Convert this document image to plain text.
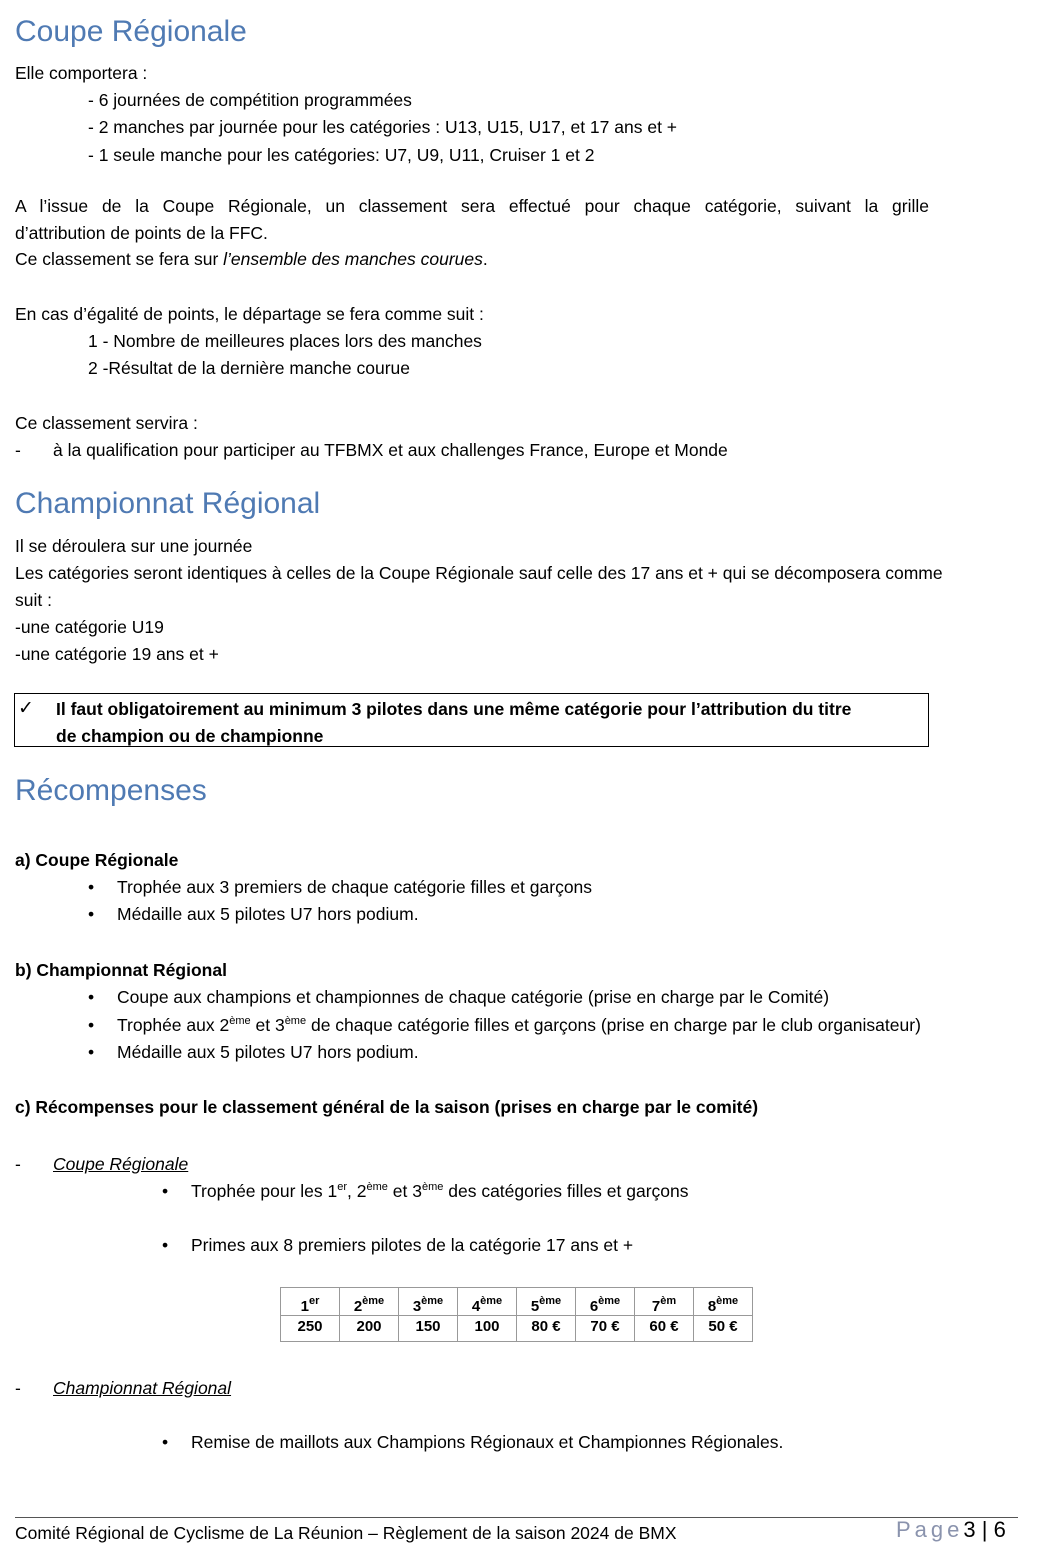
Coupe Régionale
Elle comportera :
- 6 journées de compétition programmées
- 2 manches par journée pour les catégories : U13, U15, U17, et 17 ans et +
- 1 seule manche pour les catégories: U7, U9, U11, Cruiser 1 et 2
A l’issue de la Coupe Régionale, un classement sera effectué pour chaque catégorie, suivant la grille
d’attribution de points de la FFC.
Ce classement se fera sur l’ensemble des manches courues.
En cas d’égalité de points, le départage se fera comme suit :
1 - Nombre de meilleures places lors des manches
2 -Résultat de la dernière manche courue
Ce classement servira :
- à la qualification pour participer au TFBMX et aux challenges France, Europe et Monde
Championnat Régional
Il se déroulera sur une journée
Les catégories seront identiques à celles de la Coupe Régionale sauf celle des 17 ans et + qui se décomposera comme
suit :
-une catégorie U19
-une catégorie 19 ans et +
✓ Il faut obligatoirement au minimum 3 pilotes dans une même catégorie pour l’attribution du titre
de champion ou de championne
Récompenses
a) Coupe Régionale
• Trophée aux 3 premiers de chaque catégorie filles et garçons
• Médaille aux 5 pilotes U7 hors podium.
b) Championnat Régional
• Coupe aux champions et championnes de chaque catégorie (prise en charge par le Comité)
• Trophée aux 2ème et 3ème de chaque catégorie filles et garçons (prise en charge par le club organisateur)
• Médaille aux 5 pilotes U7 hors podium.
c) Récompenses pour le classement général de la saison (prises en charge par le comité)
- Coupe Régionale
• Trophée pour les 1er, 2ème et 3ème des catégories filles et garçons
• Primes aux 8 premiers pilotes de la catégorie 17 ans et +
1er	2ème	3ème	4ème	5ème	6ème	$7^{èm}$	8ème
250	200	150	100	80 €	70 €	60 €	50 €
- Championnat Régional
• Remise de maillots aux Champions Régionaux et Championnes Régionales.
Comité Régional de Cyclisme de La Réunion – Règlement de la saison 2024 de BMX	Page3 | 6
